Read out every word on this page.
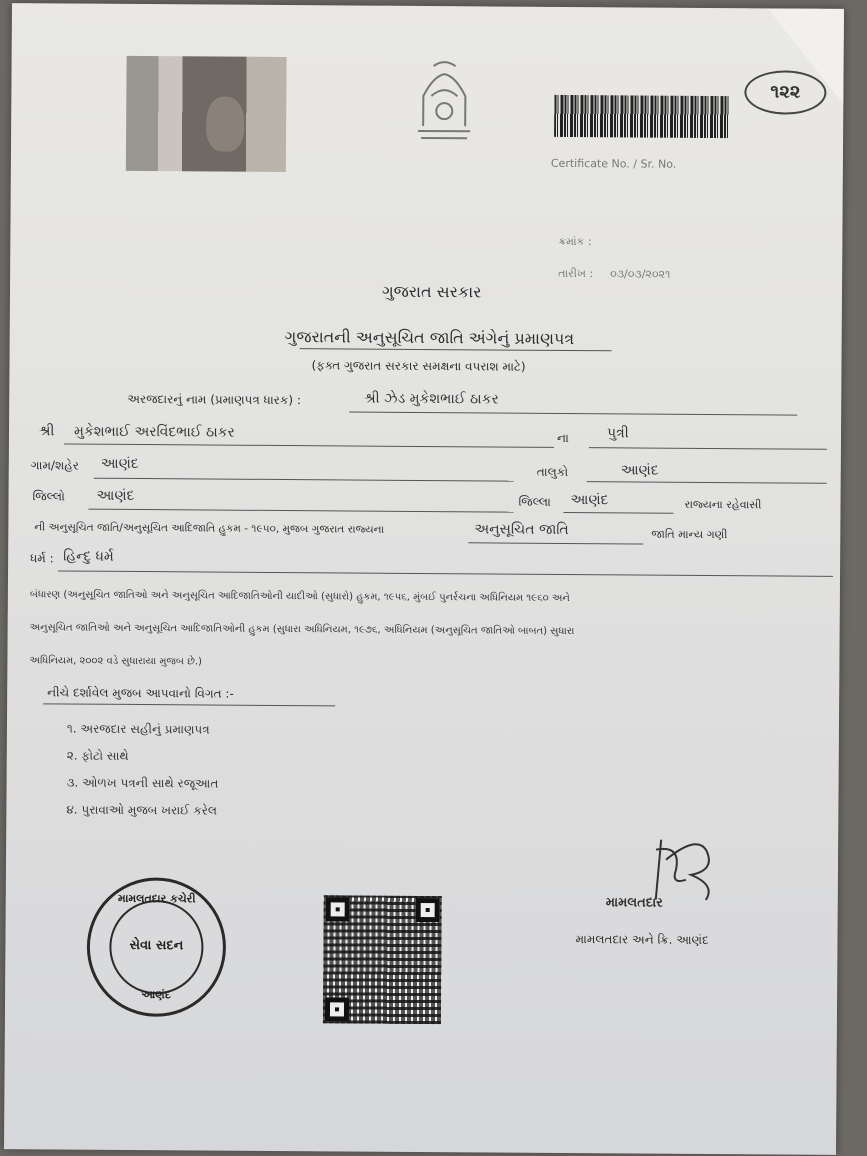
૧૨૨
Certificate No. / Sr. No.
ક્રમાંક :
તારીખ : ૦૩/૦૩/૨૦૨૧
ગુજરાત સરકાર
ગુજરાતની અનુસૂચિત જાતિ અંગેનું પ્રમાણપત્ર
(ફક્ત ગુજરાત સરકાર સમક્ષના વપરાશ માટે)
અરજદારનું નામ (પ્રમાણપત્ર ધારક) :	શ્રી ઝેડ મુકેશભાઈ ઠાકર
શ્રી મુકેશભાઈ અરવિંદભાઈ ઠાકર	ના	પુત્રી
ગામ/શહેર આણંદ	તાલુકો	આણંદ
જિલ્લો આણંદ	જિલ્લા આણંદ	રાજ્યના રહેવાસી
ની અનુસૂચિત જાતિ/અનુસૂચિત આદિજાતિ હુકમ - ૧૯૫૦, મુજબ ગુજરાત રાજ્યના	અનુસૂચિત જાતિ	જાતિ માન્ય ગણી
ધર્મ : હિન્દુ ધર્મ
બંધારણ (અનુસૂચિત જાતિઓ અને અનુસૂચિત આદિજાતિઓની યાદીઓ (સુધારો) હુકમ, ૧૯૫૬, મુંબઈ પુનર્રચના અધિનિયમ ૧૯૬૦ અને
અનુસૂચિત જાતિઓ અને અનુસૂચિત આદિજાતિઓની હુકમ (સુધારા અધિનિયમ, ૧૯૭૬, અધિનિયમ (અનુસૂચિત જાતિઓ બાબત) સુધારા
અધિનિયમ, ૨૦૦૨ વડે સુધારાયા મુજબ છે.)
નીચે દર્શાવેલ મુજબ આપવાનો વિગત :-
૧. અરજદાર સહીનું પ્રમાણપત્ર
૨. ફોટો સાથે
૩. ઓળખ પત્રની સાથે રજૂઆત
૪. પુરાવાઓ મુજબ ખરાઈ કરેલ
મામલતદાર કચેરી
સેવા સદન
આણંદ
મામલતદાર
મામલતદાર અને ક્રિ. આણંદ
